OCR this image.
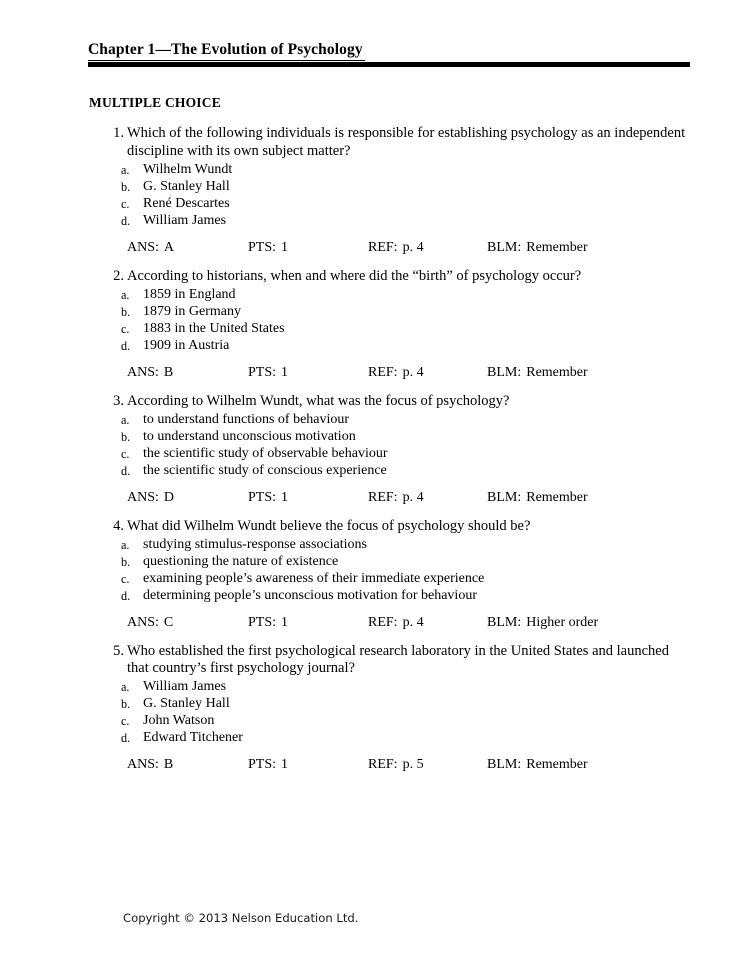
Chapter 1—The Evolution of Psychology
MULTIPLE CHOICE
1. Which of the following individuals is responsible for establishing psychology as an independent discipline with its own subject matter?
a. Wilhelm Wundt
b. G. Stanley Hall
c. René Descartes
d. William James
ANS: A	PTS: 1	REF: p. 4	BLM: Remember
2. According to historians, when and where did the “birth” of psychology occur?
a. 1859 in England
b. 1879 in Germany
c. 1883 in the United States
d. 1909 in Austria
ANS: B	PTS: 1	REF: p. 4	BLM: Remember
3. According to Wilhelm Wundt, what was the focus of psychology?
a. to understand functions of behaviour
b. to understand unconscious motivation
c. the scientific study of observable behaviour
d. the scientific study of conscious experience
ANS: D	PTS: 1	REF: p. 4	BLM: Remember
4. What did Wilhelm Wundt believe the focus of psychology should be?
a. studying stimulus-response associations
b. questioning the nature of existence
c. examining people’s awareness of their immediate experience
d. determining people’s unconscious motivation for behaviour
ANS: C	PTS: 1	REF: p. 4	BLM: Higher order
5. Who established the first psychological research laboratory in the United States and launched that country’s first psychology journal?
a. William James
b. G. Stanley Hall
c. John Watson
d. Edward Titchener
ANS: B	PTS: 1	REF: p. 5	BLM: Remember
Copyright © 2013 Nelson Education Ltd.
